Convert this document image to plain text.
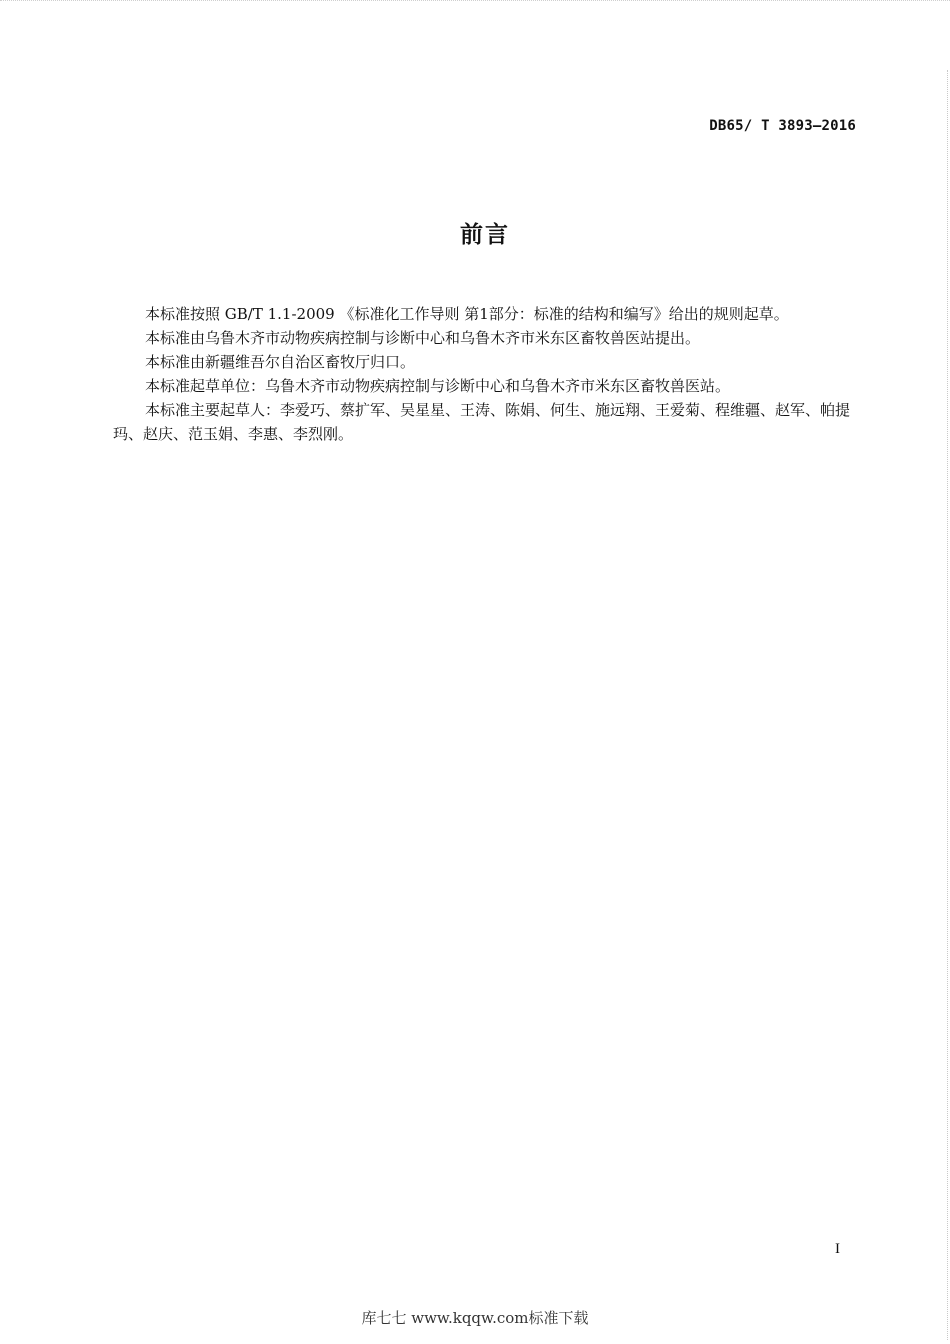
DB65/ T 3893—2016
前言

本标准按照 GB/T 1.1-2009 《标准化工作导则 第1部分：标准的结构和编写》给出的规则起草。

本标准由乌鲁木齐市动物疾病控制与诊断中心和乌鲁木齐市米东区畜牧兽医站提出。

本标准由新疆维吾尔自治区畜牧厅归口。

本标准起草单位：乌鲁木齐市动物疾病控制与诊断中心和乌鲁木齐市米东区畜牧兽医站。

本标准主要起草人：李爱巧、蔡扩军、吴星星、王涛、陈娟、何生、施远翔、王爱菊、程维疆、赵军、帕提玛、赵庆、范玉娟、李惠、李烈刚。

I
库七七 www.kqqw.com标准下载
